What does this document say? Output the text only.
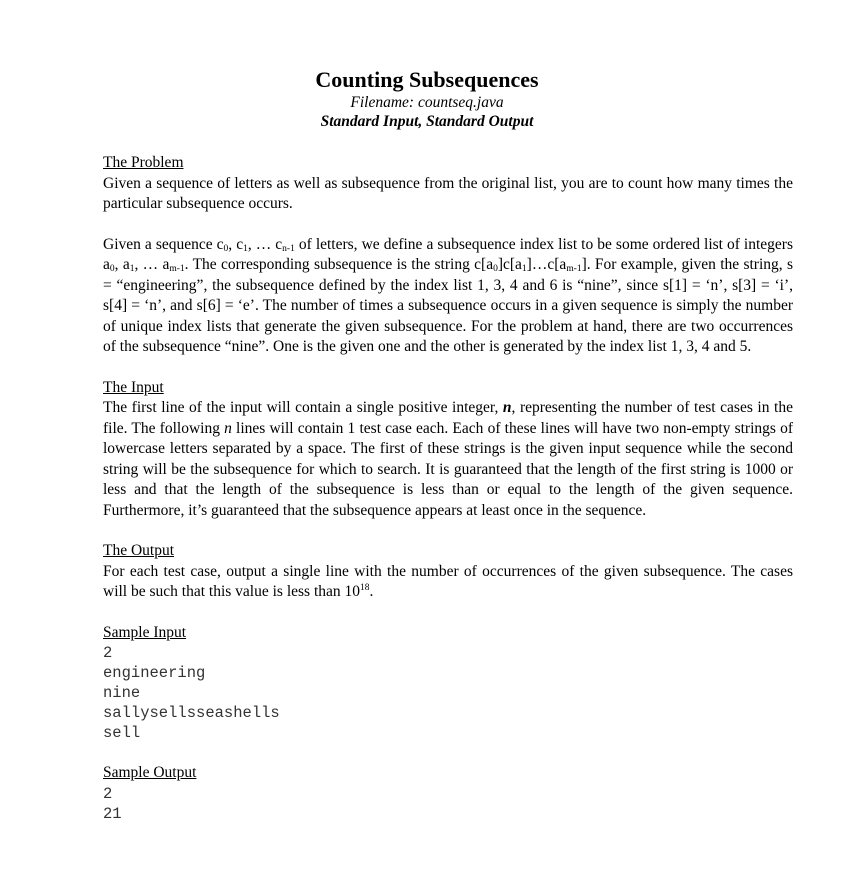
Counting Subsequences
Filename: countseq.java
Standard Input, Standard Output
The Problem

Given a sequence of letters as well as subsequence from the original list, you are to count how many times the particular subsequence occurs.

Given a sequence $c_0$, $c_1$, … $c_{n-1}$ of letters, we define a subsequence index list to be some ordered list of integers $a_0$, $a_1$, … $a_{m-1}$. The corresponding subsequence is the string $c[a_0]c[a_1]\dots c[a_{m-1}]$. For example, given the string, s = “engineering”, the subsequence defined by the index list 1, 3, 4 and 6 is “nine”, since s[1] = ‘n’, s[3] = ‘i’, s[4] = ‘n’, and s[6] = ‘e’. The number of times a subsequence occurs in a given sequence is simply the number of unique index lists that generate the given subsequence. For the problem at hand, there are two occurrences of the subsequence “nine”. One is the given one and the other is generated by the index list 1, 3, 4 and 5.

The Input

The first line of the input will contain a single positive integer, n, representing the number of test cases in the file. The following n lines will contain 1 test case each. Each of these lines will have two non-empty strings of lowercase letters separated by a space. The first of these strings is the given input sequence while the second string will be the subsequence for which to search. It is guaranteed that the length of the first string is 1000 or less and that the length of the subsequence is less than or equal to the length of the given sequence. Furthermore, it’s guaranteed that the subsequence appears at least once in the sequence.

The Output

For each test case, output a single line with the number of occurrences of the given subsequence. The cases will be such that this value is less than $10^{18}$.

Sample Input
2
engineering
nine
sallysellsseashells
sell
Sample Output
2
21
